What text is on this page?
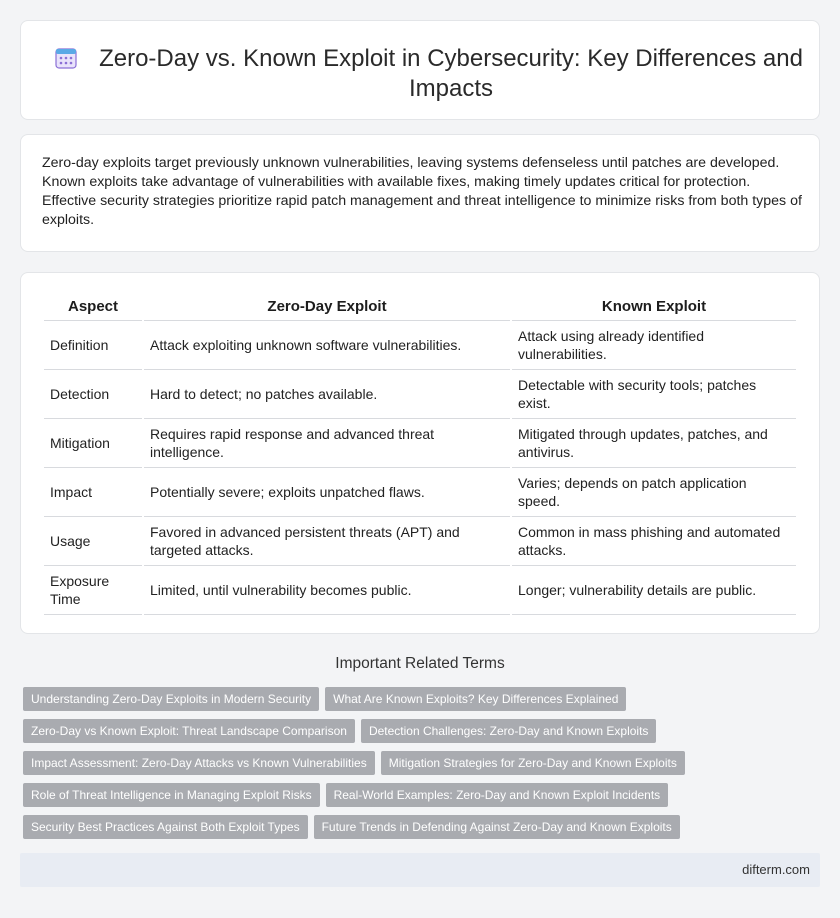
Zero-Day vs. Known Exploit in Cybersecurity: Key Differences and Impacts

Zero-day exploits target previously unknown vulnerabilities, leaving systems defenseless until patches are developed. Known exploits take advantage of vulnerabilities with available fixes, making timely updates critical for protection. Effective security strategies prioritize rapid patch management and threat intelligence to minimize risks from both types of exploits.

Aspect	Zero-Day Exploit	Known Exploit
Definition	Attack exploiting unknown software vulnerabilities.	Attack using already identified vulnerabilities.
Detection	Hard to detect; no patches available.	Detectable with security tools; patches exist.
Mitigation	Requires rapid response and advanced threat intelligence.	Mitigated through updates, patches, and antivirus.
Impact	Potentially severe; exploits unpatched flaws.	Varies; depends on patch application speed.
Usage	Favored in advanced persistent threats (APT) and targeted attacks.	Common in mass phishing and automated attacks.
Exposure Time	Limited, until vulnerability becomes public.	Longer; vulnerability details are public.
Important Related Terms
Understanding Zero-Day Exploits in Modern Security	What Are Known Exploits? Key Differences Explained
Zero-Day vs Known Exploit: Threat Landscape Comparison	Detection Challenges: Zero-Day and Known Exploits
Impact Assessment: Zero-Day Attacks vs Known Vulnerabilities	Mitigation Strategies for Zero-Day and Known Exploits
Role of Threat Intelligence in Managing Exploit Risks	Real-World Examples: Zero-Day and Known Exploit Incidents
Security Best Practices Against Both Exploit Types	Future Trends in Defending Against Zero-Day and Known Exploits
difterm.com
